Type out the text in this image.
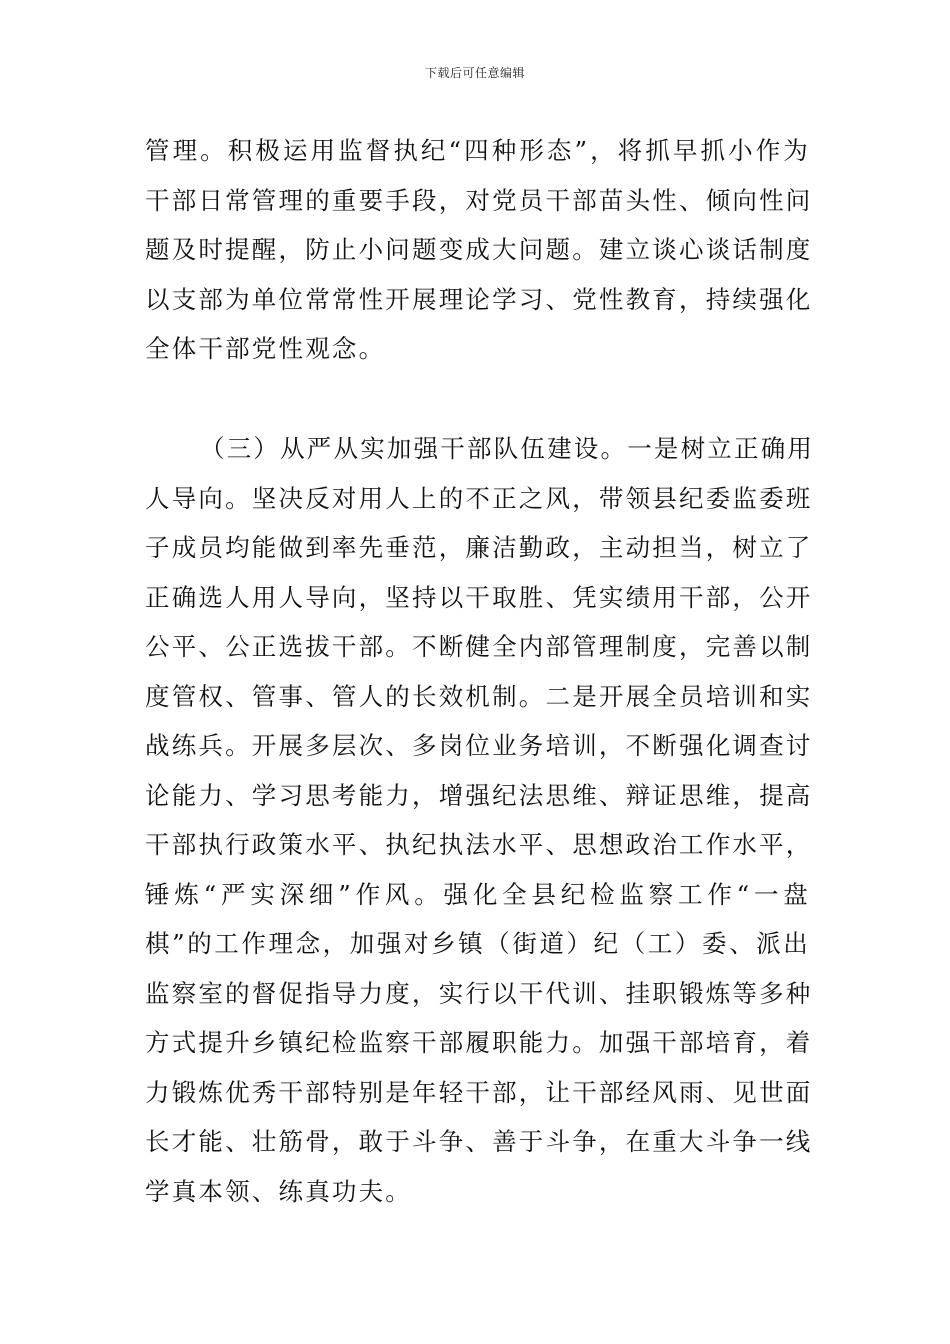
下载后可任意编辑
管理。积极运用监督执纪“四种形态”，将抓早抓小作为
干部日常管理的重要手段，对党员干部苗头性、倾向性问
题及时提醒，防止小问题变成大问题。建立谈心谈话制度
以支部为单位常常性开展理论学习、党性教育，持续强化
全体干部党性观念。
（三）从严从实加强干部队伍建设。一是树立正确用
人导向。坚决反对用人上的不正之风，带领县纪委监委班
子成员均能做到率先垂范，廉洁勤政，主动担当，树立了
正确选人用人导向，坚持以干取胜、凭实绩用干部，公开
公平、公正选拔干部。不断健全内部管理制度，完善以制
度管权、管事、管人的长效机制。二是开展全员培训和实
战练兵。开展多层次、多岗位业务培训，不断强化调查讨
论能力、学习思考能力，增强纪法思维、辩证思维，提高
干部执行政策水平、执纪执法水平、思想政治工作水平，
锤炼“严实深细”作风。强化全县纪检监察工作“一盘
棋”的工作理念，加强对乡镇（街道）纪（工）委、派出
监察室的督促指导力度，实行以干代训、挂职锻炼等多种
方式提升乡镇纪检监察干部履职能力。加强干部培育，着
力锻炼优秀干部特别是年轻干部，让干部经风雨、见世面
长才能、壮筋骨，敢于斗争、善于斗争，在重大斗争一线
学真本领、练真功夫。
